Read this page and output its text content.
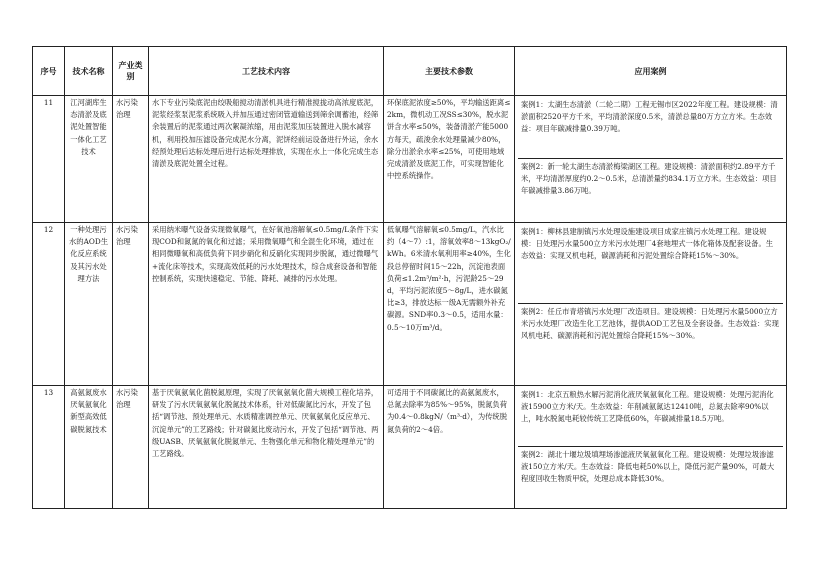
序号	技术名称	产业类别	工艺技术内容	主要技术参数	应用案例
11	江河湖库生态清淤及底泥处置智能一体化工艺技术	水污染治理	水下专业污染底泥由绞吸船搅动清淤机具进行精准搅拢动高浓度底泥，泥浆经浆泵泥浆系统吸入并加压通过密闭管道输送到筛余调蓄池，经筛余装置后的泥浆通过两次絮凝浓缩，用由泥浆加压装置进入脱水减容机，利用投加压滤设备完成泥水分离，泥饼经前运设备进行外运，余水经预处理后达标处理后进行达标处理排放，实现在水上一体化完成生态清淤及底泥处置全过程。	环保底泥浓度≥50%，平均输送距离≤2km，微机动工况SS≤30%，脱水泥饼含水率≤50%，装备清淤产能5000方每天，疏浚余水处理量减少80%，除分出淤余水率≤25%，可使用地域完成清淤及底泥工作，可实现智能化中控系统操作。	案例1：太湖生态清淤（二轮二期）工程无锡市区2022年度工程。建设规模：清淤面积2520平方千米，平均清淤深度0.5米，清淤总量80万方立方米。生态效益：项目年碳减排量0.39万吨。
案例2：新一轮太湖生态清淤梅梁湖区工程。建设规模：清淤面积约2.89平方千米，平均清淤厚度约0.2～0.5米，总清淤量约834.1万立方米。生态效益：项目年碳减排量3.86万吨。

12	一种处理污水的AOD生化反应系统及其污水处理方法	水污染治理	采用纳米曝气设备实现微氧曝气，在好氧池溶解氧≤0.5mg/L条件下实现COD和氮氮的氧化和过滤；采用微氧曝气和全混生化环境，通过在相同微曝氧和高低负荷下同步硝化和反硝化实现同步脱氮，通过微曝气+流化床等技术，实现高效低耗的污水处理技术，综合成套设备和智能控制系统，实现快速稳定、节能、降耗、减排的污水处理。	低氧曝气溶解氧≤0.5mg/L，汽水比约（4～7）:1，溶氧效率8～13kgO₂/kWh。6米清水氧利用率≥40%，生化段总停留时间15～22h，沉淀池表面负荷≤1.2m³/m²·h，污泥龄25～29d，平均污泥浓度5～8g/L，进水碳氮比≥3，排放达标一级A无需额外补充碳源。SND率0.3～0.5，适用水量：0.5～10万m³/d。	案例1：柳林县建制镇污水处理设施建设项目成家庄镇污水处理工程。建设规模：日处理污水量500立方米污水处理厂4套地埋式一体化箱体及配套设备。生态效益：实现又机电耗，碳源消耗和污泥处置综合降耗15%～30%。
案例2：任丘市青塔镇污水处理厂改造项目。建设规模：日处理污水量5000立方米污水处理厂改造生化工艺池体，提供AOD工艺包及全套设备。生态效益：实现风机电耗、碳源消耗和污泥处置综合降耗15%～30%。

13	高氨氮废水厌氧氨氧化新型高效低碳脱氮技术	水污染治理	基于厌氧氨氧化菌脱氮原理，实现了厌氧氨氧化菌大规模工程化培养，研发了污水厌氧氨氧化脱氮技术体系，针对低碳氮比污水，开发了包括“调节池、预处理单元、水质精准调控单元、厌氧氨氧化反应单元、沉淀单元”的工艺路线；针对碳氮比废动污水，开发了包括“调节池、两级UASB、厌氧氨氧化脱氮单元、生物强化单元和物化精处理单元”的工艺路线。	可适用于不同碳氮比的高氨氮废水，总氮去除率为85%～95%，脱氮负荷为0.4～0.8kgN/（m³·d），为传统脱氮负荷的2～4倍。	案例1：北京五粮热水解污泥消化液厌氧氨氧化工程。建设规模：处理污泥消化液15900立方米/天。生态效益：年削减氨氮达12410吨，总氮去除率90%以上，吨水脱氮电耗较传统工艺降低60%，年碳减排量18.5万吨。
案例2：湖北十堰垃圾填埋场渗滤液厌氧氨氧化工程。建设规模：处理垃圾渗滤液150立方米/天。生态效益：降低电耗50%以上，降低污泥产量90%，可最大程度回收生物质甲烷，处理总成本降低30%。
